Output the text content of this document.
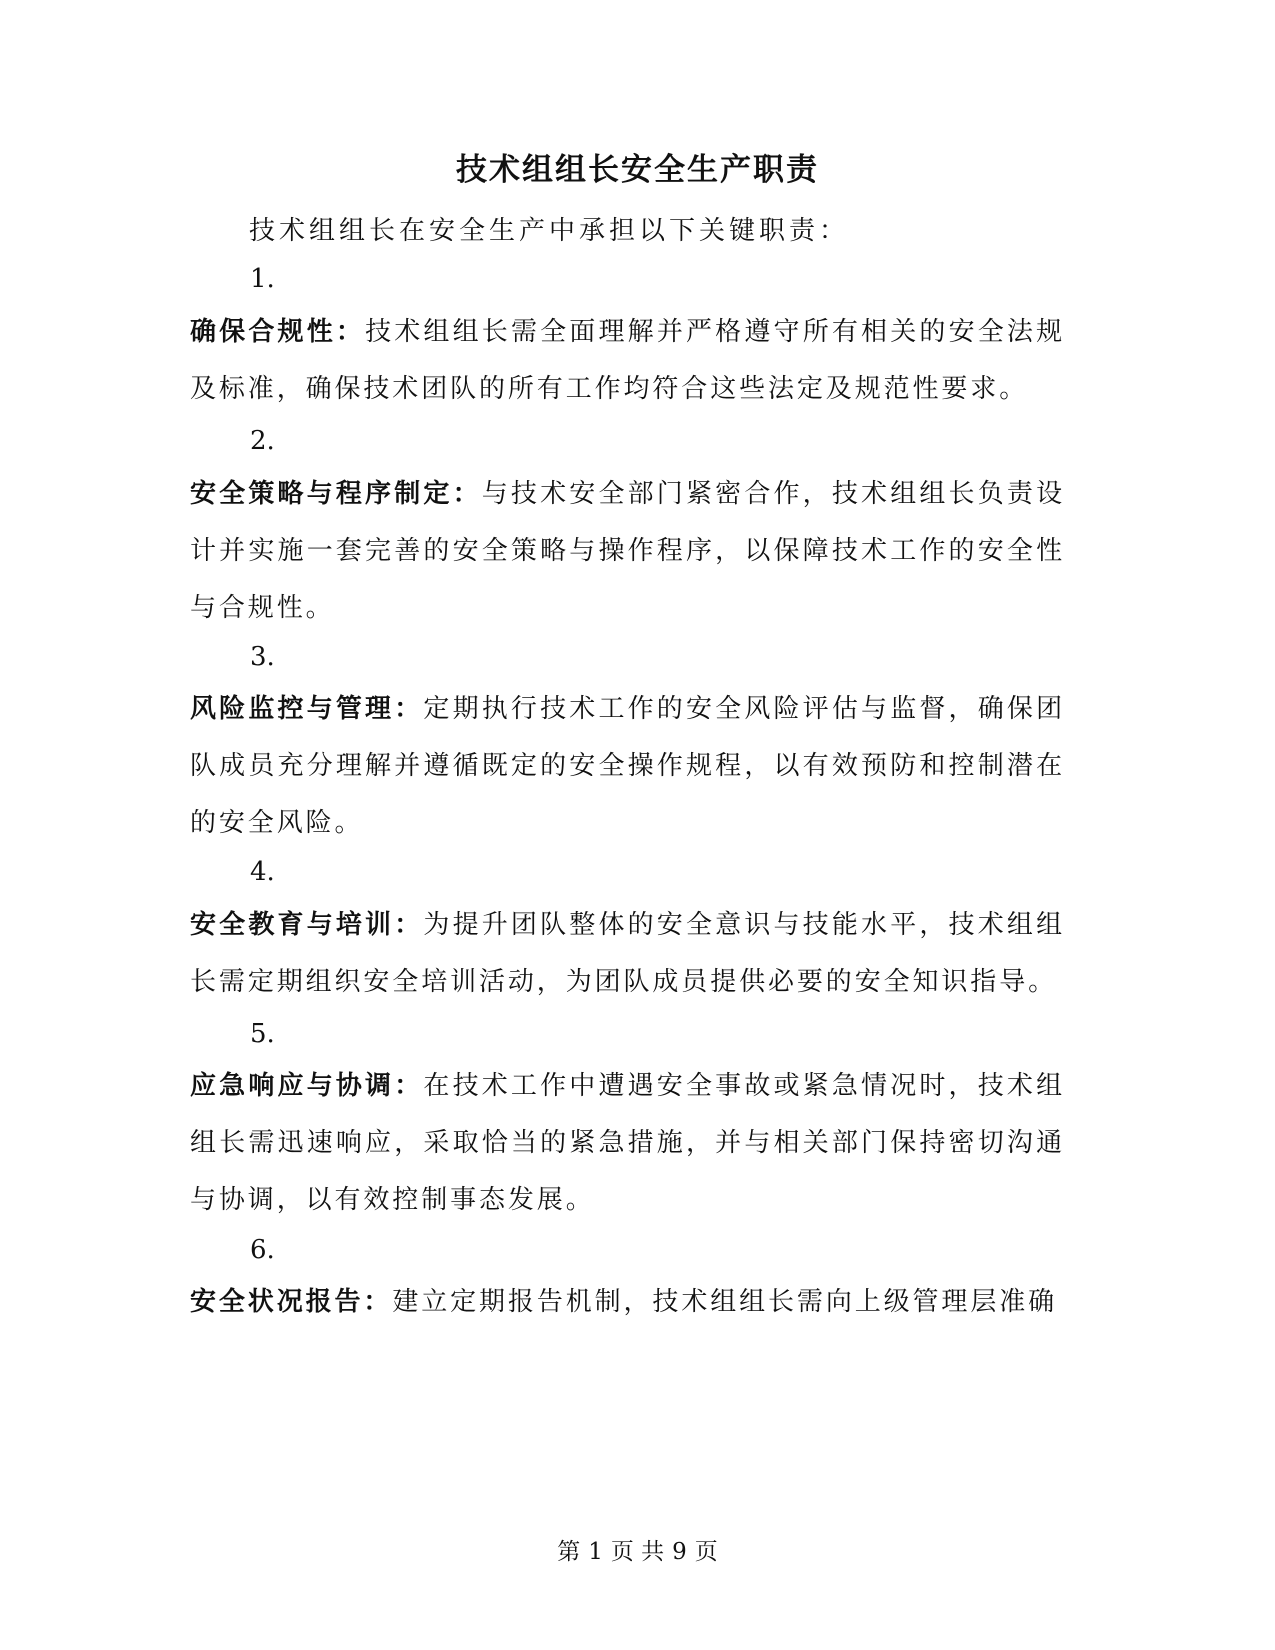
技术组组长安全生产职责
技术组组长在安全生产中承担以下关键职责：
1.
确保合规性：技术组组长需全面理解并严格遵守所有相关的安全法规及标准，确保技术团队的所有工作均符合这些法定及规范性要求。
2.
安全策略与程序制定：与技术安全部门紧密合作，技术组组长负责设计并实施一套完善的安全策略与操作程序，以保障技术工作的安全性与合规性。
3.
风险监控与管理：定期执行技术工作的安全风险评估与监督，确保团队成员充分理解并遵循既定的安全操作规程，以有效预防和控制潜在的安全风险。
4.
安全教育与培训：为提升团队整体的安全意识与技能水平，技术组组长需定期组织安全培训活动，为团队成员提供必要的安全知识指导。
5.
应急响应与协调：在技术工作中遭遇安全事故或紧急情况时，技术组组长需迅速响应，采取恰当的紧急措施，并与相关部门保持密切沟通与协调，以有效控制事态发展。
6.
安全状况报告：建立定期报告机制，技术组组长需向上级管理层准确
第 1 页 共 9 页
